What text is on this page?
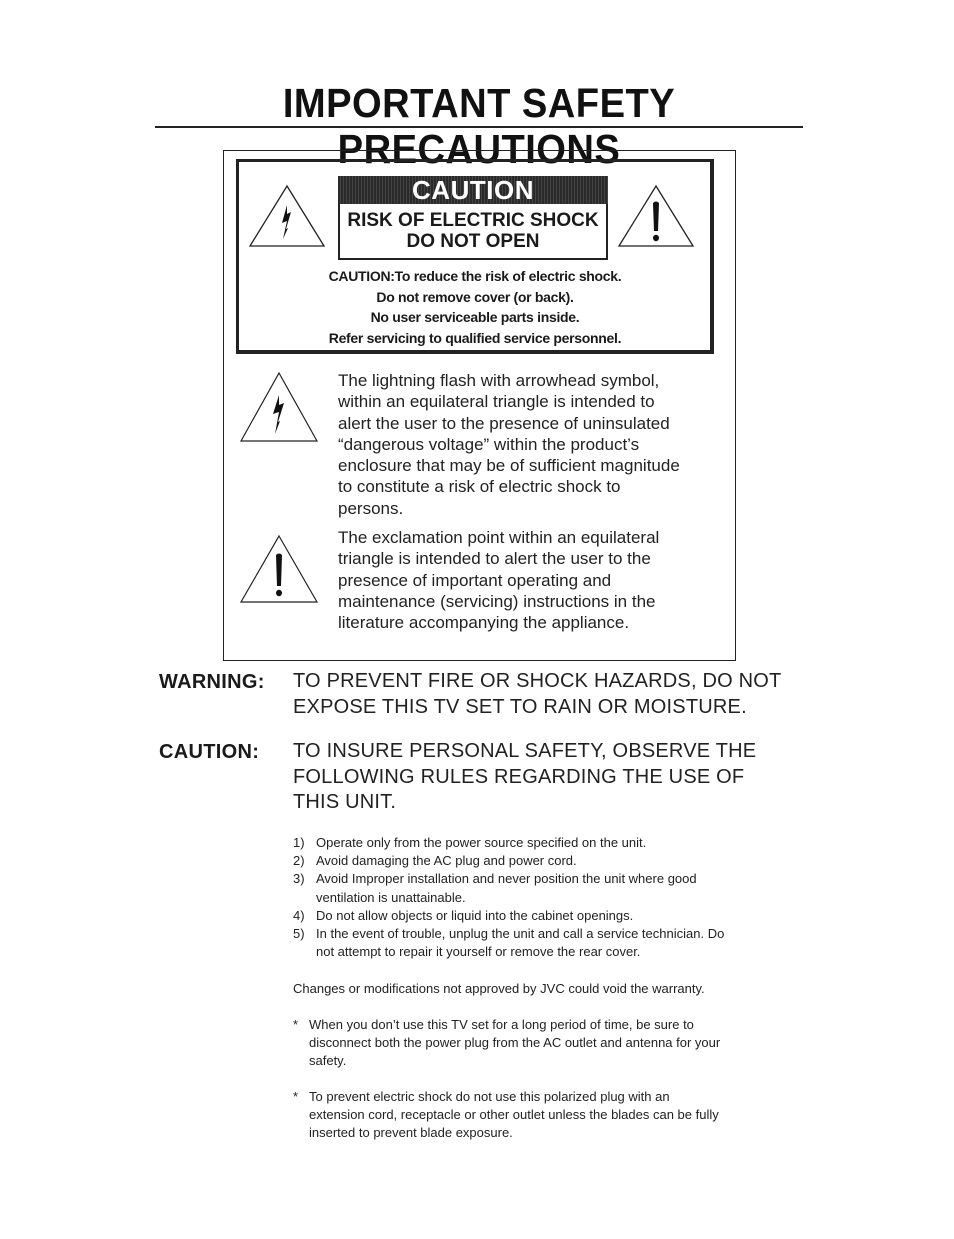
IMPORTANT SAFETY PRECAUTIONS
CAUTION
RISK OF ELECTRIC SHOCK
DO NOT OPEN
CAUTION:To reduce the risk of electric shock.
Do not remove cover (or back).
No user serviceable parts inside.
Refer servicing to qualified service personnel.
The lightning flash with arrowhead symbol,
within an equilateral triangle is intended to
alert the user to the presence of uninsulated
“dangerous voltage” within the product’s
enclosure that may be of sufficient magnitude
to constitute a risk of electric shock to
persons.
The exclamation point within an equilateral
triangle is intended to alert the user to the
presence of important operating and
maintenance (servicing) instructions in the
literature accompanying the appliance.
WARNING: TO PREVENT FIRE OR SHOCK HAZARDS, DO NOT
EXPOSE THIS TV SET TO RAIN OR MOISTURE.
CAUTION: TO INSURE PERSONAL SAFETY, OBSERVE THE
FOLLOWING RULES REGARDING THE USE OF
THIS UNIT.
1) Operate only from the power source specified on the unit.
2) Avoid damaging the AC plug and power cord.
3) Avoid Improper installation and never position the unit where good
ventilation is unattainable.
4) Do not allow objects or liquid into the cabinet openings.
5) In the event of trouble, unplug the unit and call a service technician. Do
not attempt to repair it yourself or remove the rear cover.
Changes or modifications not approved by JVC could void the warranty.
* When you don’t use this TV set for a long period of time, be sure to
disconnect both the power plug from the AC outlet and antenna for your
safety.
* To prevent electric shock do not use this polarized plug with an
extension cord, receptacle or other outlet unless the blades can be fully
inserted to prevent blade exposure.
